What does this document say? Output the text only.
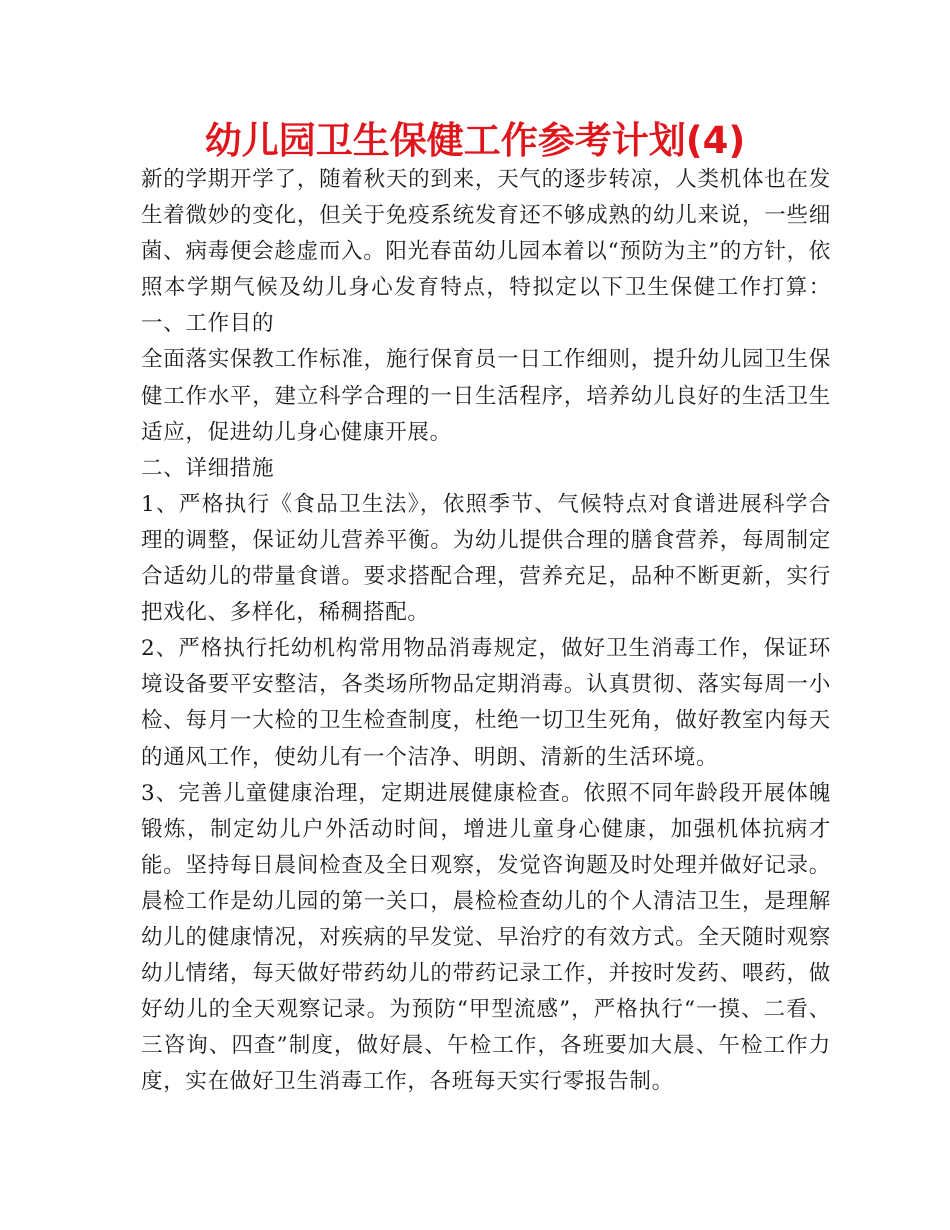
幼儿园卫生保健工作参考计划(4)

新的学期开学了，随着秋天的到来，天气的逐步转凉，人类机体也在发生着微妙的变化，但关于免疫系统发育还不够成熟的幼儿来说，一些细菌、病毒便会趁虚而入。阳光春苗幼儿园本着以“预防为主”的方针，依照本学期气候及幼儿身心发育特点，特拟定以下卫生保健工作打算： 一、工作目的

全面落实保教工作标准，施行保育员一日工作细则，提升幼儿园卫生保健工作水平，建立科学合理的一日生活程序，培养幼儿良好的生活卫生适应，促进幼儿身心健康开展。

二、详细措施

1、严格执行《食品卫生法》，依照季节、气候特点对食谱进展科学合理的调整，保证幼儿营养平衡。为幼儿提供合理的膳食营养，每周制定合适幼儿的带量食谱。要求搭配合理，营养充足，品种不断更新，实行把戏化、多样化，稀稠搭配。

2、严格执行托幼机构常用物品消毒规定，做好卫生消毒工作，保证环境设备要平安整洁，各类场所物品定期消毒。认真贯彻、落实每周一小检、每月一大检的卫生检查制度，杜绝一切卫生死角，做好教室内每天的通风工作，使幼儿有一个洁净、明朗、清新的生活环境。

3、完善儿童健康治理，定期进展健康检查。依照不同年龄段开展体魄锻炼，制定幼儿户外活动时间，增进儿童身心健康，加强机体抗病才能。坚持每日晨间检查及全日观察，发觉咨询题及时处理并做好记录。晨检工作是幼儿园的第一关口，晨检检查幼儿的个人清洁卫生，是理解幼儿的健康情况，对疾病的早发觉、早治疗的有效方式。全天随时观察幼儿情绪，每天做好带药幼儿的带药记录工作，并按时发药、喂药，做好幼儿的全天观察记录。为预防“甲型流感”，严格执行“一摸、二看、三咨询、四查”制度，做好晨、午检工作，各班要加大晨、午检工作力度，实在做好卫生消毒工作，各班每天实行零报告制。
